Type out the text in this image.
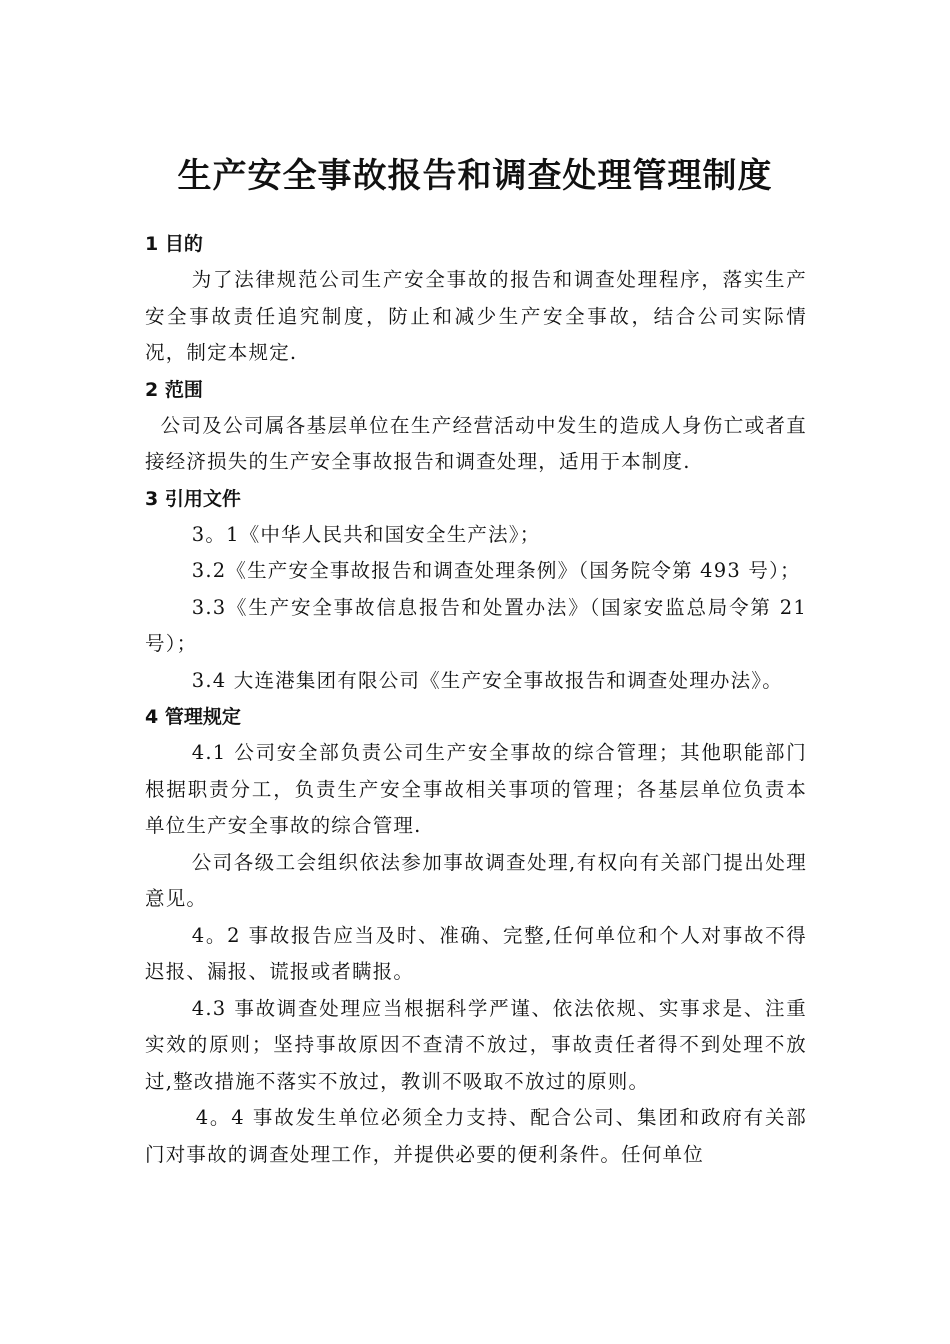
生产安全事故报告和调查处理管理制度
1 目的

为了法律规范公司生产安全事故的报告和调查处理程序，落实生产安全事故责任追究制度，防止和减少生产安全事故，结合公司实际情况，制定本规定.

2 范围

公司及公司属各基层单位在生产经营活动中发生的造成人身伤亡或者直接经济损失的生产安全事故报告和调查处理，适用于本制度.

3 引用文件

3。1《中华人民共和国安全生产法》；

3.2《生产安全事故报告和调查处理条例》（国务院令第 493 号）；

3.3《生产安全事故信息报告和处置办法》（国家安监总局令第 21 号）；

3.4 大连港集团有限公司《生产安全事故报告和调查处理办法》。

4 管理规定

4.1 公司安全部负责公司生产安全事故的综合管理；其他职能部门根据职责分工，负责生产安全事故相关事项的管理；各基层单位负责本单位生产安全事故的综合管理.

公司各级工会组织依法参加事故调查处理,有权向有关部门提出处理意见。

4。2 事故报告应当及时、准确、完整,任何单位和个人对事故不得迟报、漏报、谎报或者瞒报。

4.3 事故调查处理应当根据科学严谨、依法依规、实事求是、注重实效的原则；坚持事故原因不查清不放过，事故责任者得不到处理不放过,整改措施不落实不放过，教训不吸取不放过的原则。

4。4 事故发生单位必须全力支持、配合公司、集团和政府有关部门对事故的调查处理工作，并提供必要的便利条件。任何单位
